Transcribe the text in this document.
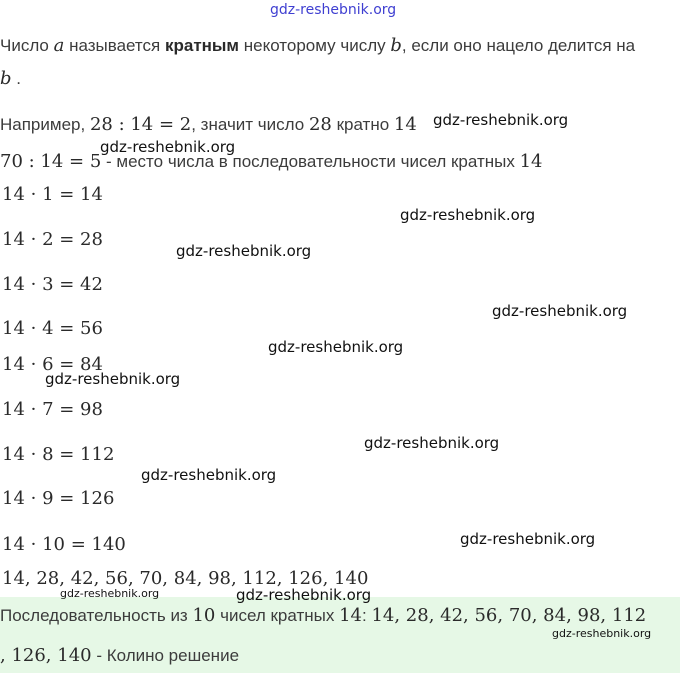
gdz-reshebnik.org
Число a называется кратным некоторому числу b, если оно нацело делится на
b .
Например, 28 : 14 = 2, значит число 28 кратно 14
70 : 14 = 5 - место числа в последовательности чисел кратных 14
14 · 1 = 14
14 · 2 = 28
14 · 3 = 42
14 · 4 = 56
14 · 6 = 84
14 · 7 = 98
14 · 8 = 112
14 · 9 = 126
14 · 10 = 140
14, 28, 42, 56, 70, 84, 98, 112, 126, 140
Последовательность из 10 чисел кратных 14: 14, 28, 42, 56, 70, 84, 98, 112
, 126, 140 - Колино решение
gdz-reshebnik.org
gdz-reshebnik.org
gdz-reshebnik.org
gdz-reshebnik.org
gdz-reshebnik.org
gdz-reshebnik.org
gdz-reshebnik.org
gdz-reshebnik.org
gdz-reshebnik.org
gdz-reshebnik.org
gdz-reshebnik.org
gdz-reshebnik.org
gdz-reshebnik.org
